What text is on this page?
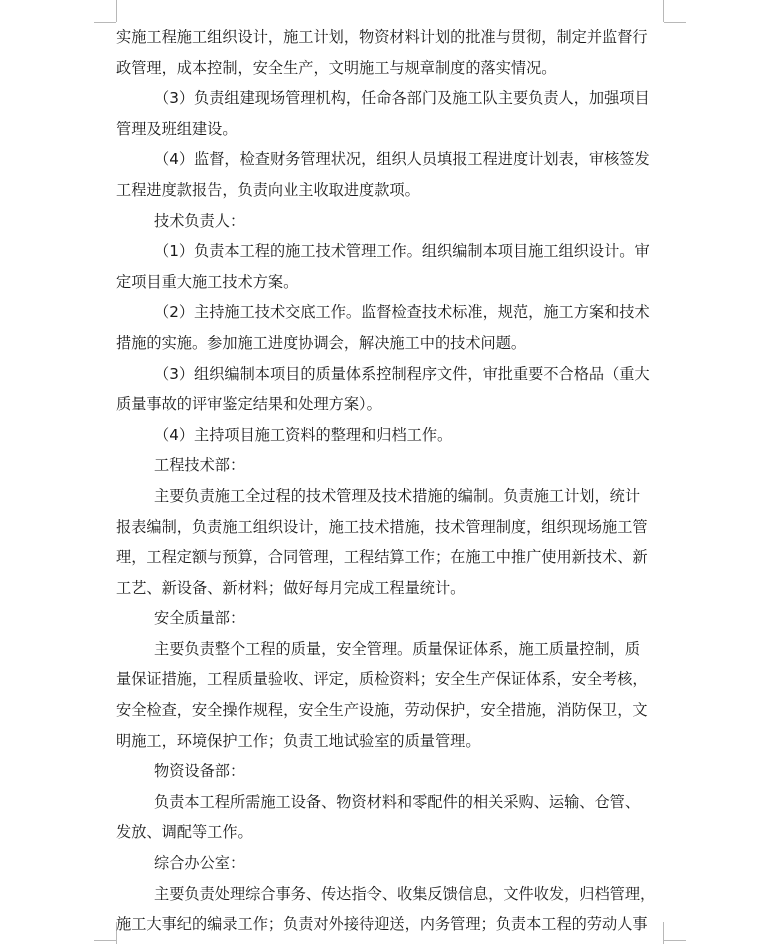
实施工程施工组织设计，施工计划，物资材料计划的批准与贯彻，制定并监督行
政管理，成本控制，安全生产，文明施工与规章制度的落实情况。
（3）负责组建现场管理机构，任命各部门及施工队主要负责人，加强项目
管理及班组建设。
（4）监督，检查财务管理状况，组织人员填报工程进度计划表，审核签发
工程进度款报告，负责向业主收取进度款项。
技术负责人：
（1）负责本工程的施工技术管理工作。组织编制本项目施工组织设计。审
定项目重大施工技术方案。
（2）主持施工技术交底工作。监督检查技术标准，规范，施工方案和技术
措施的实施。参加施工进度协调会，解决施工中的技术问题。
（3）组织编制本项目的质量体系控制程序文件，审批重要不合格品（重大
质量事故的评审鉴定结果和处理方案）。
（4）主持项目施工资料的整理和归档工作。
工程技术部：
主要负责施工全过程的技术管理及技术措施的编制。负责施工计划，统计
报表编制，负责施工组织设计，施工技术措施，技术管理制度，组织现场施工管
理，工程定额与预算，合同管理，工程结算工作；在施工中推广使用新技术、新
工艺、新设备、新材料；做好每月完成工程量统计。
安全质量部：
主要负责整个工程的质量，安全管理。质量保证体系，施工质量控制，质
量保证措施，工程质量验收、评定，质检资料；安全生产保证体系，安全考核，
安全检查，安全操作规程，安全生产设施，劳动保护，安全措施，消防保卫，文
明施工，环境保护工作；负责工地试验室的质量管理。
物资设备部：
负责本工程所需施工设备、物资材料和零配件的相关采购、运输、仓管、
发放、调配等工作。
综合办公室：
主要负责处理综合事务、传达指令、收集反馈信息，文件收发，归档管理，
施工大事纪的编录工作；负责对外接待迎送，内务管理；负责本工程的劳动人事
